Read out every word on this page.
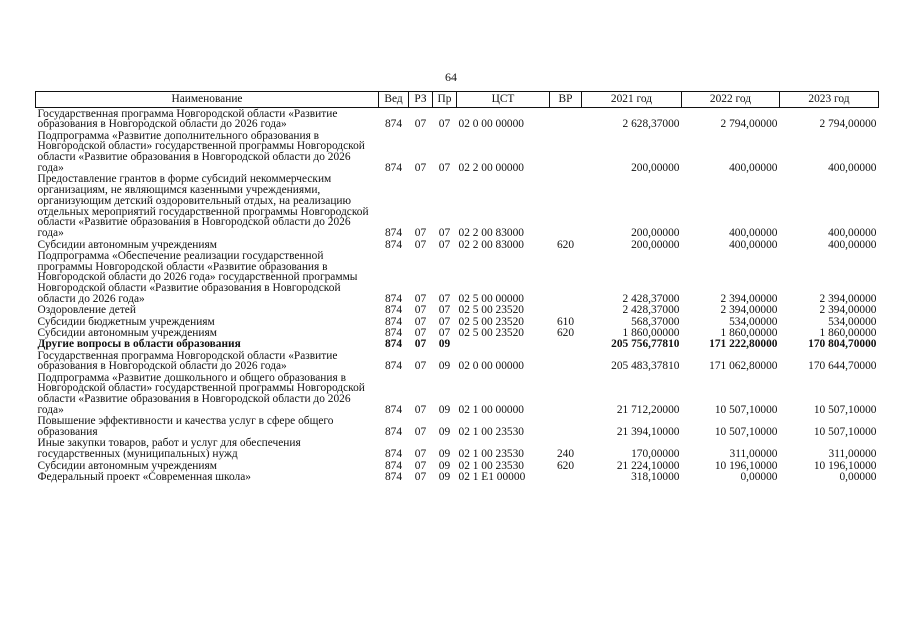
64
Наименование	Вед	РЗ	Пр	ЦСТ	ВР	2021 год	2022 год	2023 год
Государственная программа Новгородской области «Развитие образования в Новгородской области до 2026 года»	874	07	07	02 0 00 00000		2 628,37000	2 794,00000	2 794,00000
Подпрограмма «Развитие дополнительного образования в Новгородской области» государственной программы Новгородской области «Развитие образования в Новгородской области до 2026 года»	874	07	07	02 2 00 00000		200,00000	400,00000	400,00000
Предоставление грантов в форме субсидий некоммерческим организациям, не являющимся казенными учреждениями, организующим детский оздоровительный отдых, на реализацию отдельных мероприятий государственной программы Новгородской области «Развитие образования в Новгородской области до 2026 года»	874	07	07	02 2 00 83000		200,00000	400,00000	400,00000
Субсидии автономным учреждениям	874	07	07	02 2 00 83000	620	200,00000	400,00000	400,00000
Подпрограмма «Обеспечение реализации государственной программы Новгородской области «Развитие образования в Новгородской области до 2026 года» государственной программы Новгородской области «Развитие образования в Новгородской области до 2026 года»	874	07	07	02 5 00 00000		2 428,37000	2 394,00000	2 394,00000
Оздоровление детей	874	07	07	02 5 00 23520		2 428,37000	2 394,00000	2 394,00000
Субсидии бюджетным учреждениям	874	07	07	02 5 00 23520	610	568,37000	534,00000	534,00000
Субсидии автономным учреждениям	874	07	07	02 5 00 23520	620	1 860,00000	1 860,00000	1 860,00000
Другие вопросы в области образования	874	07	09			205 756,77810	171 222,80000	170 804,70000
Государственная программа Новгородской области «Развитие образования в Новгородской области до 2026 года»	874	07	09	02 0 00 00000		205 483,37810	171 062,80000	170 644,70000
Подпрограмма «Развитие дошкольного и общего образования в Новгородской области» государственной программы Новгородской области «Развитие образования в Новгородской области до 2026 года»	874	07	09	02 1 00 00000		21 712,20000	10 507,10000	10 507,10000
Повышение эффективности и качества услуг в сфере общего образования	874	07	09	02 1 00 23530		21 394,10000	10 507,10000	10 507,10000
Иные закупки товаров, работ и услуг для обеспечения государственных (муниципальных) нужд	874	07	09	02 1 00 23530	240	170,00000	311,00000	311,00000
Субсидии автономным учреждениям	874	07	09	02 1 00 23530	620	21 224,10000	10 196,10000	10 196,10000
Федеральный проект «Современная школа»	874	07	09	02 1 E1 00000		318,10000	0,00000	0,00000
